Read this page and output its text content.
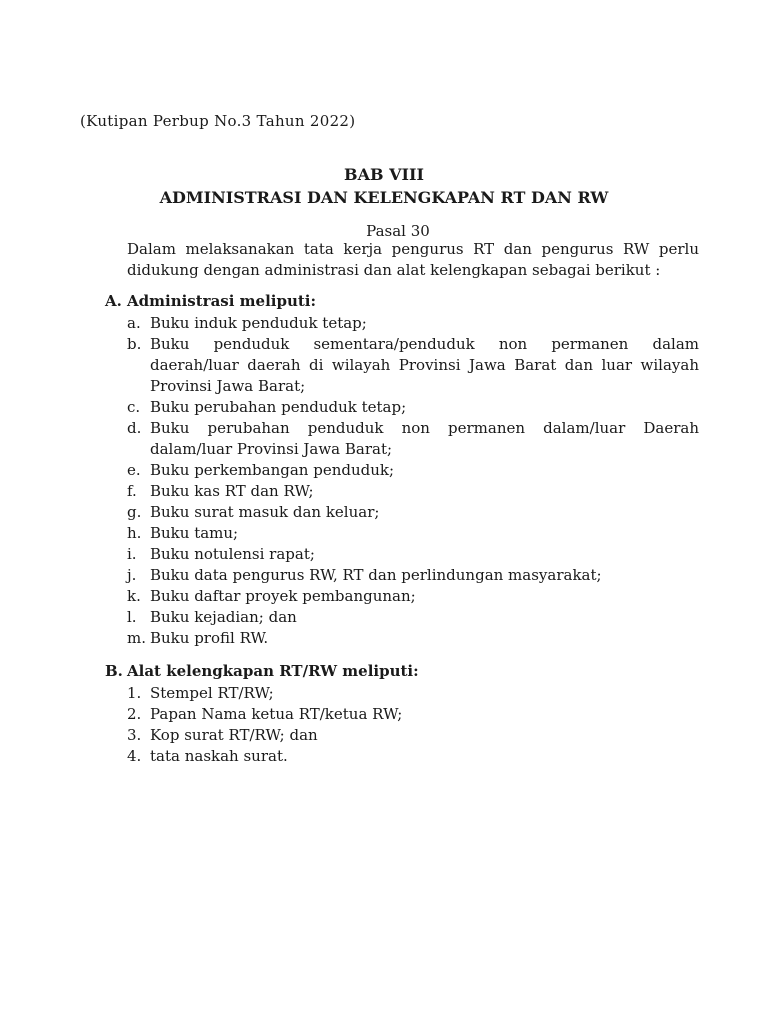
(Kutipan Perbup No.3 Tahun 2022)
BAB VIII
ADMINISTRASI DAN KELENGKAPAN RT DAN RW
Pasal 30
Dalam melaksanakan tata kerja pengurus RT dan pengurus RW perlu
didukung dengan administrasi dan alat kelengkapan sebagai berikut :
A. Administrasi meliputi:
a. Buku induk penduduk tetap;
b. Buku penduduk sementara/penduduk non permanen dalam
daerah/luar daerah di wilayah Provinsi Jawa Barat dan luar wilayah
Provinsi Jawa Barat;
c. Buku perubahan penduduk tetap;
d. Buku perubahan penduduk non permanen dalam/luar Daerah
dalam/luar Provinsi Jawa Barat;
e. Buku perkembangan penduduk;
f. Buku kas RT dan RW;
g. Buku surat masuk dan keluar;
h. Buku tamu;
i. Buku notulensi rapat;
j. Buku data pengurus RW, RT dan perlindungan masyarakat;
k. Buku daftar proyek pembangunan;
l. Buku kejadian; dan
m. Buku profil RW.
B. Alat kelengkapan RT/RW meliputi:
1. Stempel RT/RW;
2. Papan Nama ketua RT/ketua RW;
3. Kop surat RT/RW; dan
4. tata naskah surat.
